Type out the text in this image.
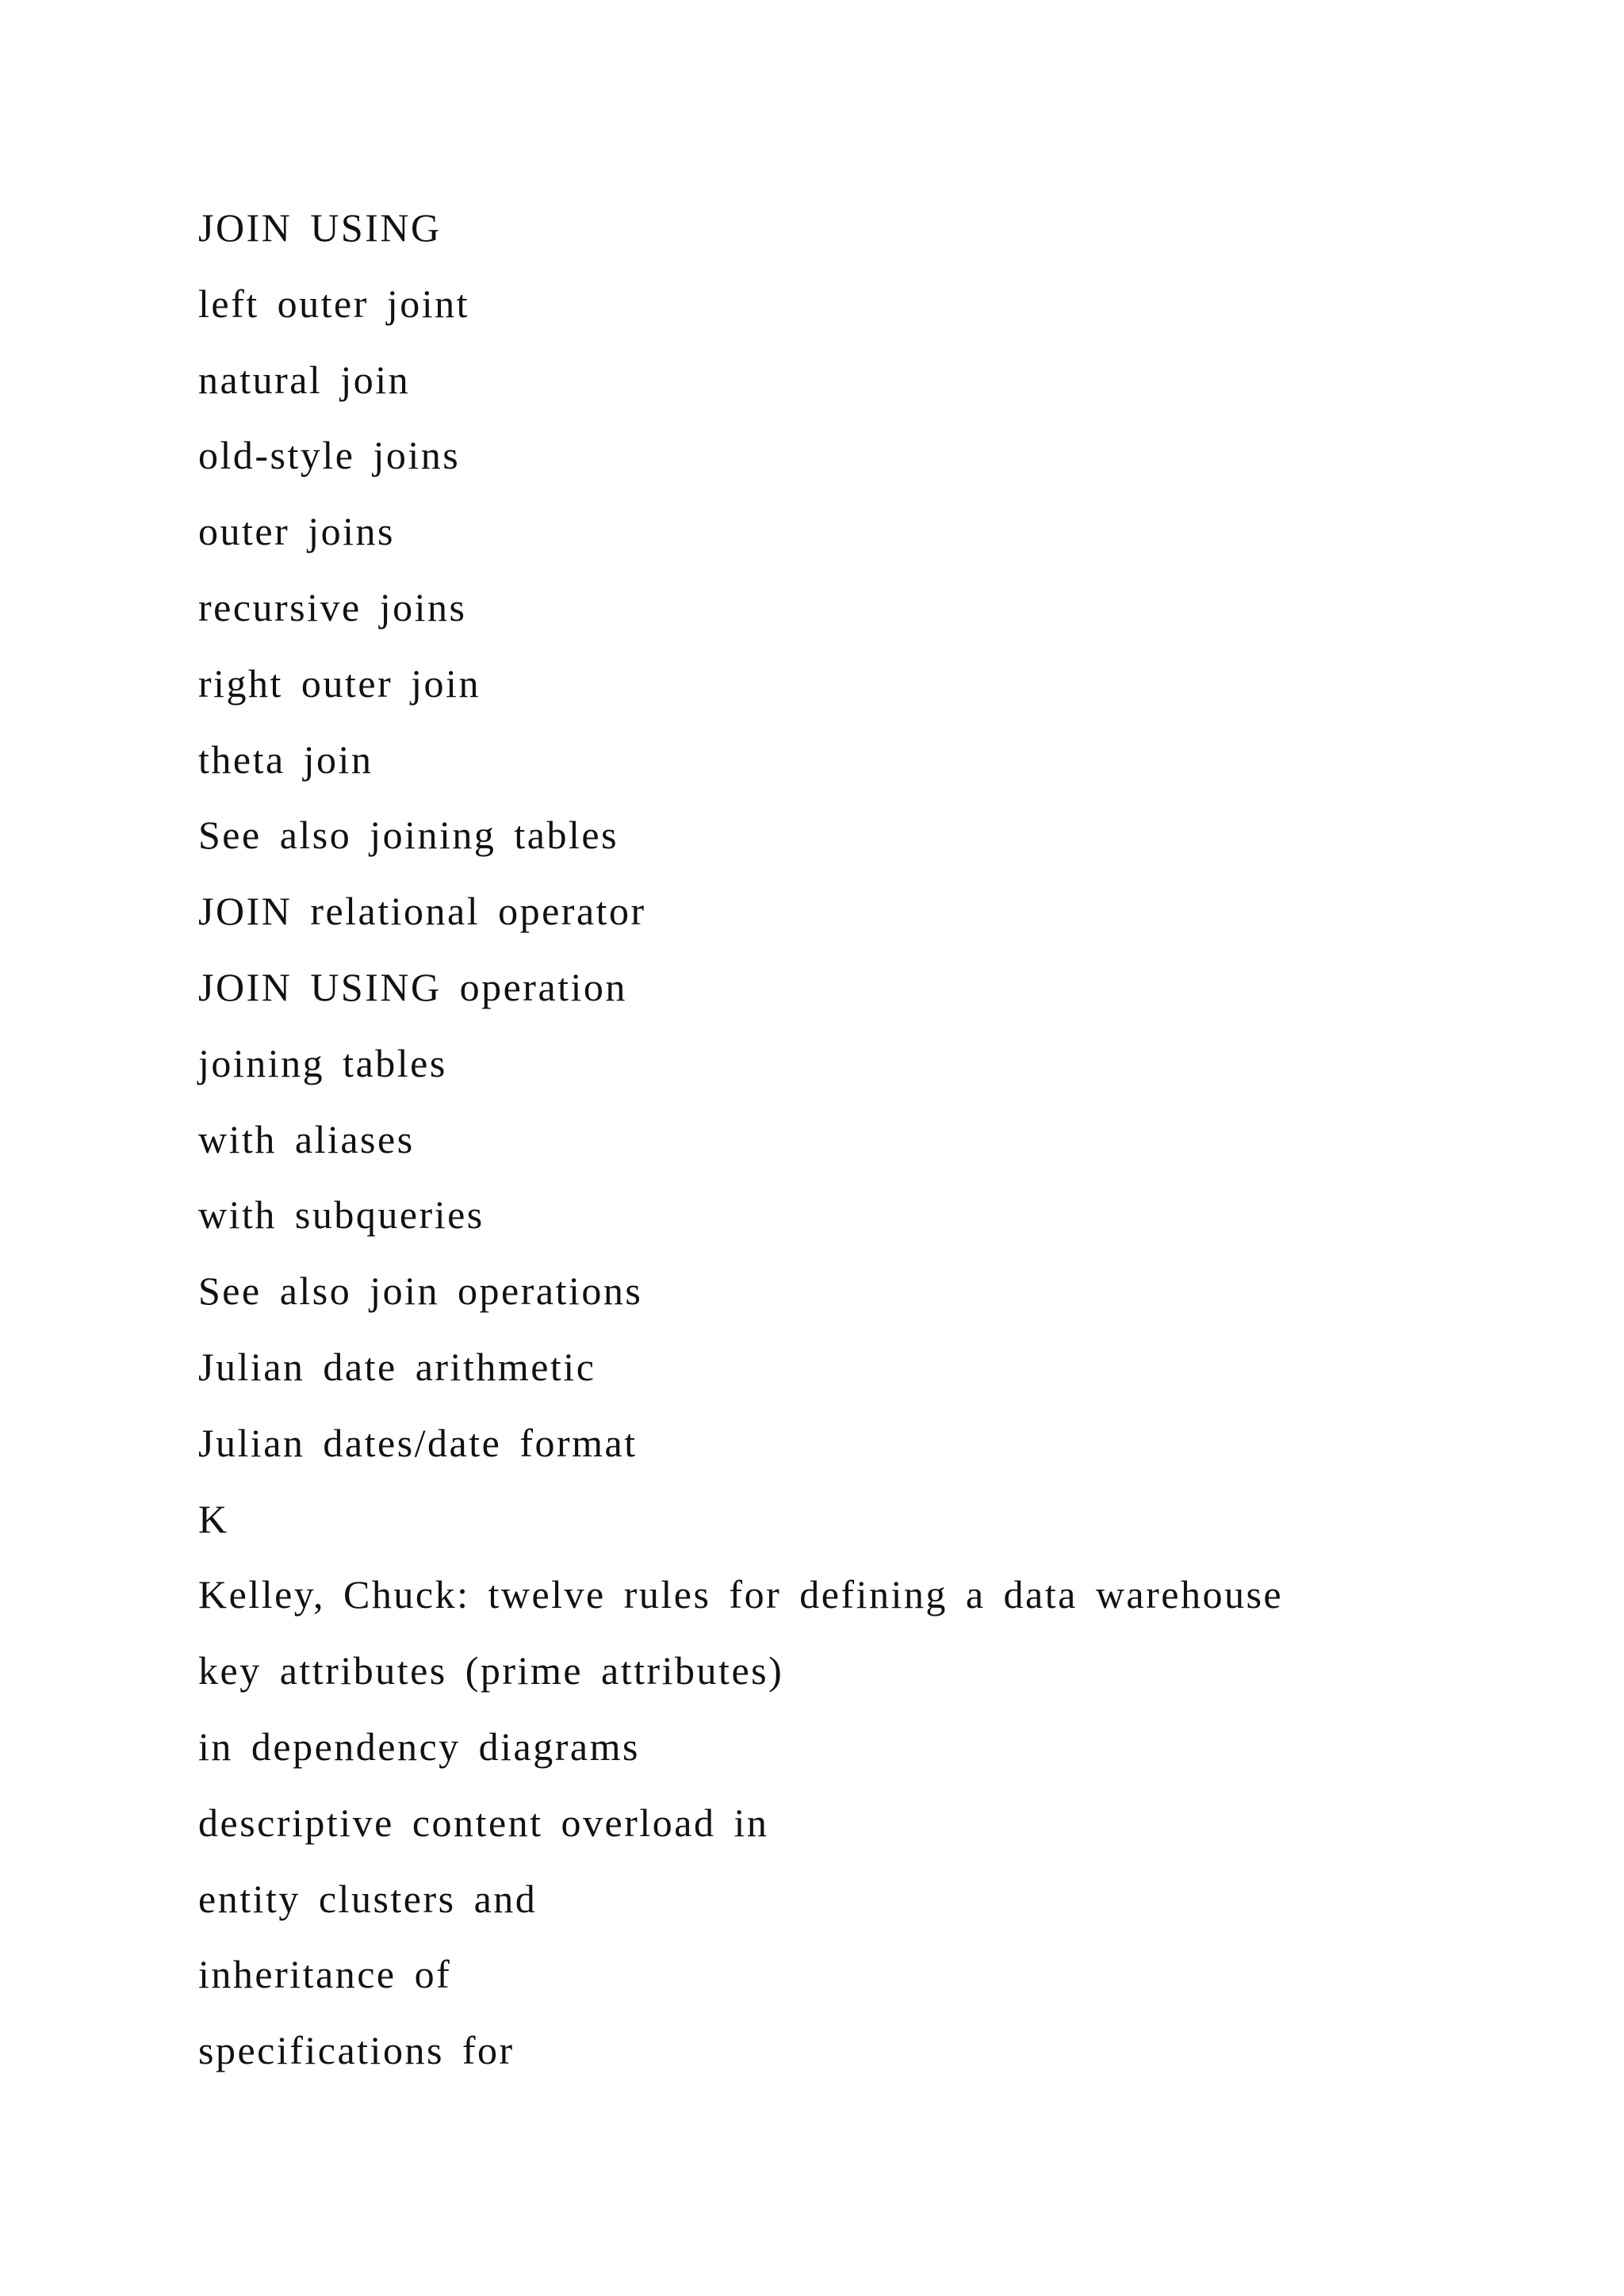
JOIN USING
left outer joint
natural join
old-style joins
outer joins
recursive joins
right outer join
theta join
See also joining tables
JOIN relational operator
JOIN USING operation
joining tables
with aliases
with subqueries
See also join operations
Julian date arithmetic
Julian dates/date format
K
Kelley, Chuck: twelve rules for defining a data warehouse
key attributes (prime attributes)
in dependency diagrams
descriptive content overload in
entity clusters and
inheritance of
specifications for
